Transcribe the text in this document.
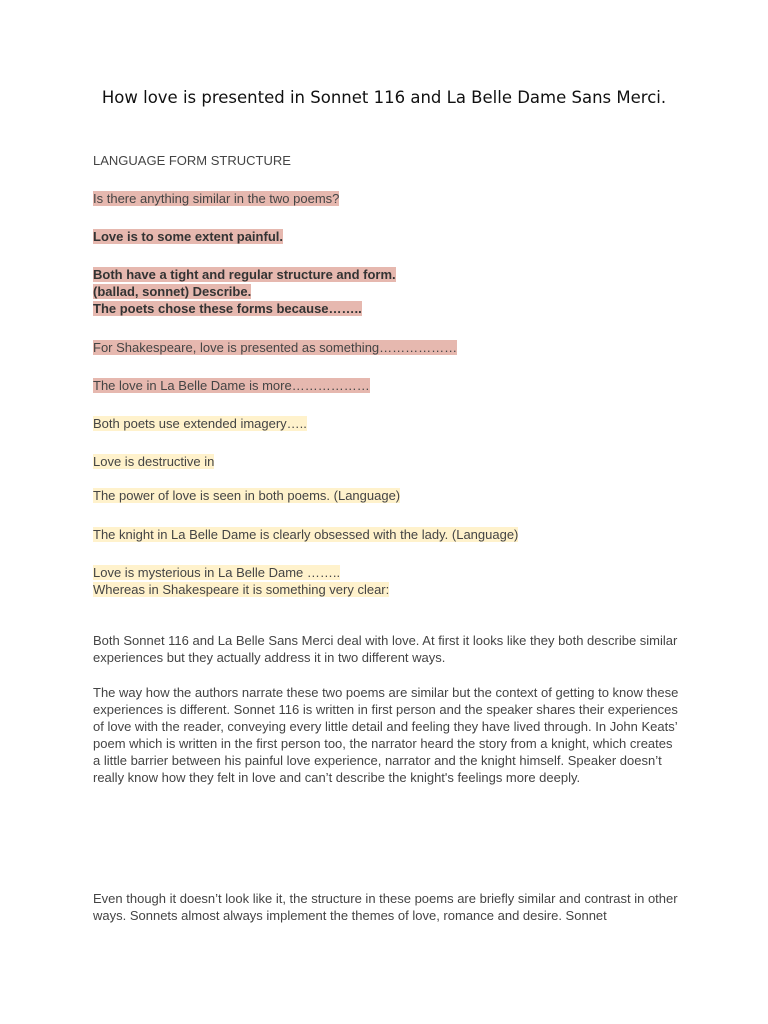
How love is presented in Sonnet 116 and La Belle Dame Sans Merci.
LANGUAGE FORM STRUCTURE
Is there anything similar in the two poems?
Love is to some extent painful.
Both have a tight and regular structure and form.
(ballad, sonnet) Describe.
The poets chose these forms because……..
For Shakespeare, love is presented as something………………
The love in La Belle Dame is more………………
Both poets use extended imagery…..
Love is destructive in
The power of love is seen in both poems. (Language)
The knight in La Belle Dame is clearly obsessed with the lady. (Language)
Love is mysterious in La Belle Dame ……..
Whereas in Shakespeare it is something very clear:

Both Sonnet 116 and La Belle Sans Merci deal with love. At first it looks like they both describe similar experiences but they actually address it in two different ways.

The way how the authors narrate these two poems are similar but the context of getting to know these experiences is different. Sonnet 116 is written in first person and the speaker shares their experiences of love with the reader, conveying every little detail and feeling they have lived through. In John Keats’ poem which is written in the first person too, the narrator heard the story from a knight, which creates a little barrier between his painful love experience, narrator and the knight himself. Speaker doesn’t really know how they felt in love and can’t describe the knight's feelings more deeply.

Even though it doesn’t look like it, the structure in these poems are briefly similar and contrast in other ways. Sonnets almost always implement the themes of love, romance and desire. Sonnet
